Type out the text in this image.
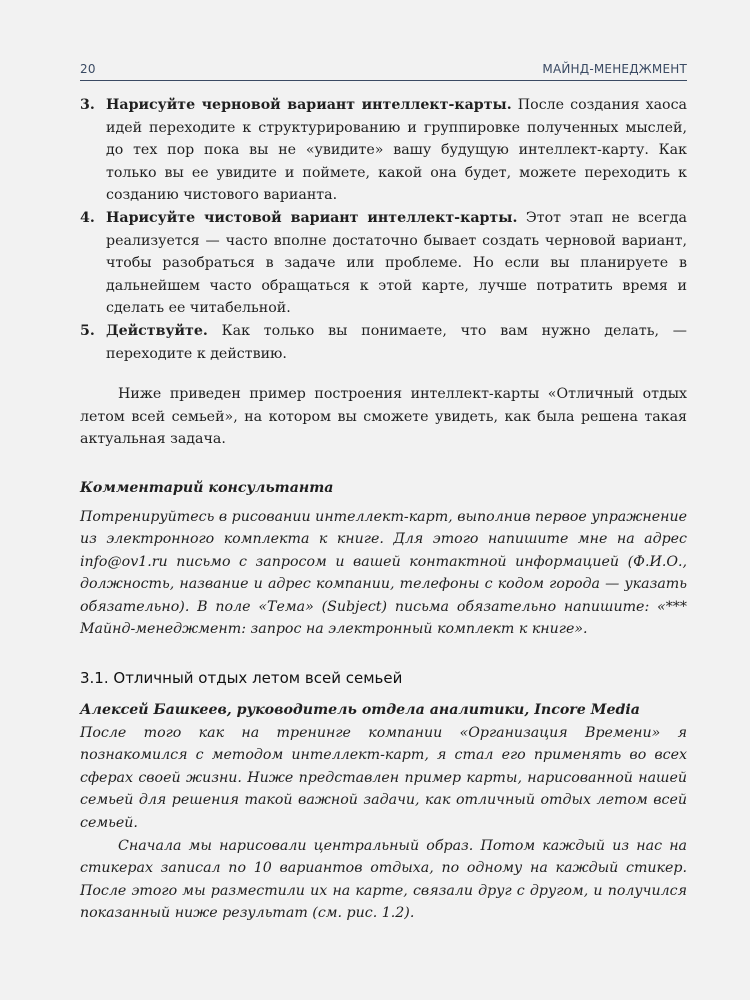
20	МАЙНД-МЕНЕДЖМЕНТ
3. Нарисуйте черновой вариант интеллект-карты. После создания хаоса идей переходите к структурированию и группировке полученных мыслей, до тех пор пока вы не «увидите» вашу будущую интеллект-карту. Как только вы ее увидите и поймете, какой она будет, можете переходить к созданию чистового варианта.
4. Нарисуйте чистовой вариант интеллект-карты. Этот этап не всегда реализуется — часто вполне достаточно бывает создать черновой вариант, чтобы разобраться в задаче или проблеме. Но если вы планируете в дальнейшем часто обращаться к этой карте, лучше потратить время и сделать ее читабельной.
5. Действуйте. Как только вы понимаете, что вам нужно делать, — переходите к действию.
Ниже приведен пример построения интеллект-карты «Отличный отдых летом всей семьей», на котором вы сможете увидеть, как была решена такая актуальная задача.
Комментарий консультанта
Потренируйтесь в рисовании интеллект-карт, выполнив первое упражнение из электронного комплекта к книге. Для этого напишите мне на адрес info@ov1.ru письмо с запросом и вашей контактной информацией (Ф.И.О., должность, название и адрес компании, телефоны с кодом города — указать обязательно). В поле «Тема» (Subject) письма обязательно напишите: «*** Майнд-менеджмент: запрос на электронный комплект к книге».
3.1. Отличный отдых летом всей семьей
Алексей Башкеев, руководитель отдела аналитики, Incore Media
После того как на тренинге компании «Организация Времени» я познакомился с методом интеллект-карт, я стал его применять во всех сферах своей жизни. Ниже представлен пример карты, нарисованной нашей семьей для решения такой важной задачи, как отличный отдых летом всей семьей.
Сначала мы нарисовали центральный образ. Потом каждый из нас на стикерах записал по 10 вариантов отдыха, по одному на каждый стикер. После этого мы разместили их на карте, связали друг с другом, и получился показанный ниже результат (см. рис. 1.2).
